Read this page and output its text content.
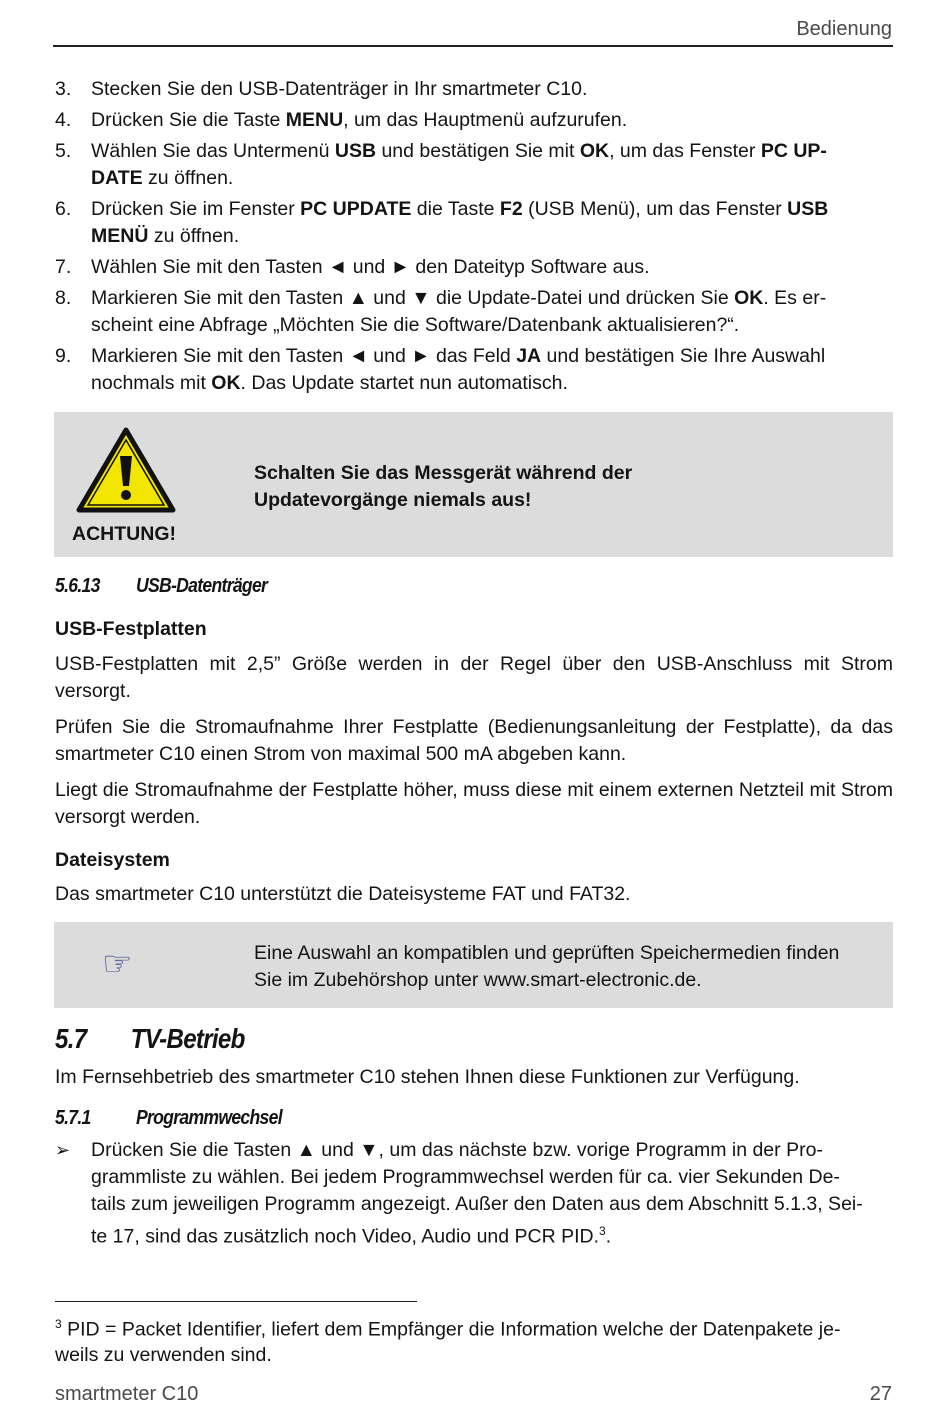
Bedienung
3. Stecken Sie den USB-Datenträger in Ihr smartmeter C10.
4. Drücken Sie die Taste MENU, um das Hauptmenü aufzurufen.
5. Wählen Sie das Untermenü USB und bestätigen Sie mit OK, um das Fenster PC UP-
DATE zu öffnen.
6. Drücken Sie im Fenster PC UPDATE die Taste F2 (USB Menü), um das Fenster USB
MENÜ zu öffnen.
7. Wählen Sie mit den Tasten ◄ und ► den Dateityp Software aus.
8. Markieren Sie mit den Tasten ▲ und ▼ die Update-Datei und drücken Sie OK. Es er-
scheint eine Abfrage „Möchten Sie die Software/Datenbank aktualisieren?“.
9. Markieren Sie mit den Tasten ◄ und ► das Feld JA und bestätigen Sie Ihre Auswahl
nochmals mit OK. Das Update startet nun automatisch.
ACHTUNG!
Schalten Sie das Messgerät während der
Updatevorgänge niemals aus!
5.6.13 USB-Datenträger
USB-Festplatten
USB-Festplatten mit 2,5” Größe werden in der Regel über den USB-Anschluss mit Strom versorgt.
Prüfen Sie die Stromaufnahme Ihrer Festplatte (Bedienungsanleitung der Festplatte), da das smartmeter C10 einen Strom von maximal 500 mA abgeben kann.
Liegt die Stromaufnahme der Festplatte höher, muss diese mit einem externen Netzteil mit Strom versorgt werden.
Dateisystem
Das smartmeter C10 unterstützt die Dateisysteme FAT und FAT32.
☞	Eine Auswahl an kompatiblen und geprüften Speichermedien finden
Sie im Zubehörshop unter www.smart-electronic.de.
5.7 TV-Betrieb
Im Fernsehbetrieb des smartmeter C10 stehen Ihnen diese Funktionen zur Verfügung.
5.7.1 Programmwechsel
➢ Drücken Sie die Tasten ▲ und ▼, um das nächste bzw. vorige Programm in der Pro-
grammliste zu wählen. Bei jedem Programmwechsel werden für ca. vier Sekunden De-
tails zum jeweiligen Programm angezeigt. Außer den Daten aus dem Abschnitt 5.1.3, Sei-
te 17, sind das zusätzlich noch Video, Audio und PCR PID.$^3$.
$^3$ PID = Packet Identifier, liefert dem Empfänger die Information welche der Datenpakete je-
weils zu verwenden sind.
smartmeter C10	27
